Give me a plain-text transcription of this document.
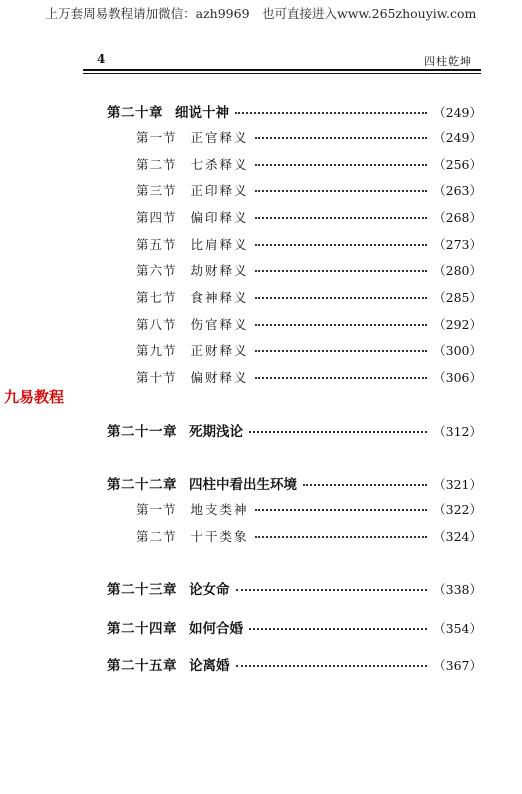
上万套周易教程请加微信：azh9969　也可直接进入www.265zhouyiw.com
4	四柱乾坤
九易教程
第二十章 细说十神	（249）
第一节 正官释义	（249）
第二节 七杀释义	（256）
第三节 正印释义	（263）
第四节 偏印释义	（268）
第五节 比肩释义	（273）
第六节 劫财释义	（280）
第七节 食神释义	（285）
第八节 伤官释义	（292）
第九节 正财释义	（300）
第十节 偏财释义	（306）
第二十一章 死期浅论	（312）
第二十二章 四柱中看出生环境	（321）
第一节 地支类神	（322）
第二节 十干类象	（324）
第二十三章 论女命	（338）
第二十四章 如何合婚	（354）
第二十五章 论离婚	（367）
